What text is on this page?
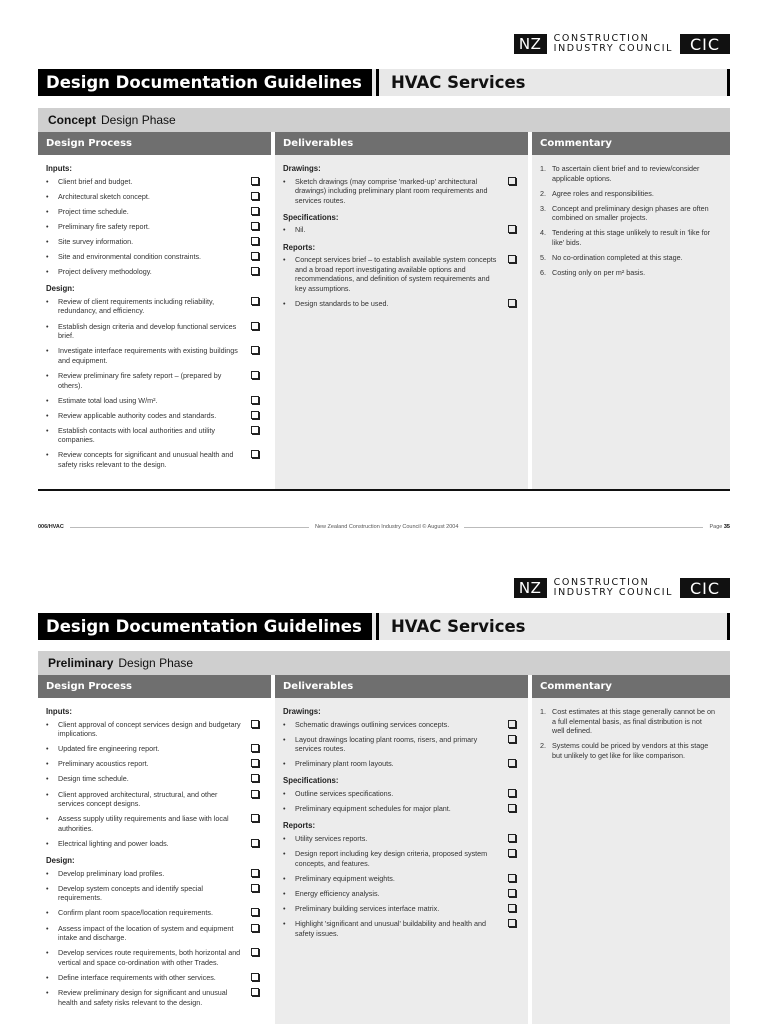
NZ	CONSTRUCTION
INDUSTRY COUNCIL	CIC
Design Documentation Guidelines	HVAC Services
Concept Design Phase
Design Process
Inputs:
•	Client brief and budget.
•	Architectural sketch concept.
•	Project time schedule.
•	Preliminary fire safety report.
•	Site survey information.
•	Site and environmental condition constraints.
•	Project delivery methodology.
Design:
•	Review of client requirements including reliability, redundancy, and efficiency.
•	Establish design criteria and develop functional services brief.
•	Investigate interface requirements with existing buildings and equipment.
•	Review preliminary fire safety report – (prepared by others).
•	Estimate total load using W/m².
•	Review applicable authority codes and standards.
•	Establish contacts with local authorities and utility companies.
•	Review concepts for significant and unusual health and safety risks relevant to the design.
Deliverables
Drawings:
•	Sketch drawings (may comprise 'marked-up' architectural drawings) including preliminary plant room requirements and services routes.
Specifications:
•	Nil.
Reports:
•	Concept services brief – to establish available system concepts and a broad report investigating available options and recommendations, and definition of system requirements and key assumptions.
•	Design standards to be used.
Commentary
1. To ascertain client brief and to review/consider applicable options.
2. Agree roles and responsibilities.
3. Concept and preliminary design phases are often combined on smaller projects.
4. Tendering at this stage unlikely to result in 'like for like' bids.
5. No co-ordination completed at this stage.
6. Costing only on per m² basis.
006/HVAC	New Zealand Construction Industry Council © August 2004	Page 35
NZ	CONSTRUCTION
INDUSTRY COUNCIL	CIC
Design Documentation Guidelines	HVAC Services
Preliminary Design Phase
Design Process
Inputs:
•	Client approval of concept services design and budgetary implications.
•	Updated fire engineering report.
•	Preliminary acoustics report.
•	Design time schedule.
•	Client approved architectural, structural, and other services concept designs.
•	Assess supply utility requirements and liase with local authorities.
•	Electrical lighting and power loads.
Design:
•	Develop preliminary load profiles.
•	Develop system concepts and identify special requirements.
•	Confirm plant room space/location requirements.
•	Assess impact of the location of system and equipment intake and discharge.
•	Develop services route requirements, both horizontal and vertical and space co-ordination with other Trades.
•	Define interface requirements with other services.
•	Review preliminary design for significant and unusual health and safety risks relevant to the design.
Deliverables
Drawings:
•	Schematic drawings outlining services concepts.
•	Layout drawings locating plant rooms, risers, and primary services routes.
•	Preliminary plant room layouts.
Specifications:
•	Outline services specifications.
•	Preliminary equipment schedules for major plant.
Reports:
•	Utility services reports.
•	Design report including key design criteria, proposed system concepts, and features.
•	Preliminary equipment weights.
•	Energy efficiency analysis.
•	Preliminary building services interface matrix.
•	Highlight 'significant and unusual' buildability and health and safety issues.
Commentary
1. Cost estimates at this stage generally cannot be on a full elemental basis, as final distribution is not well defined.
2. Systems could be priced by vendors at this stage but unlikely to get like for like comparison.
